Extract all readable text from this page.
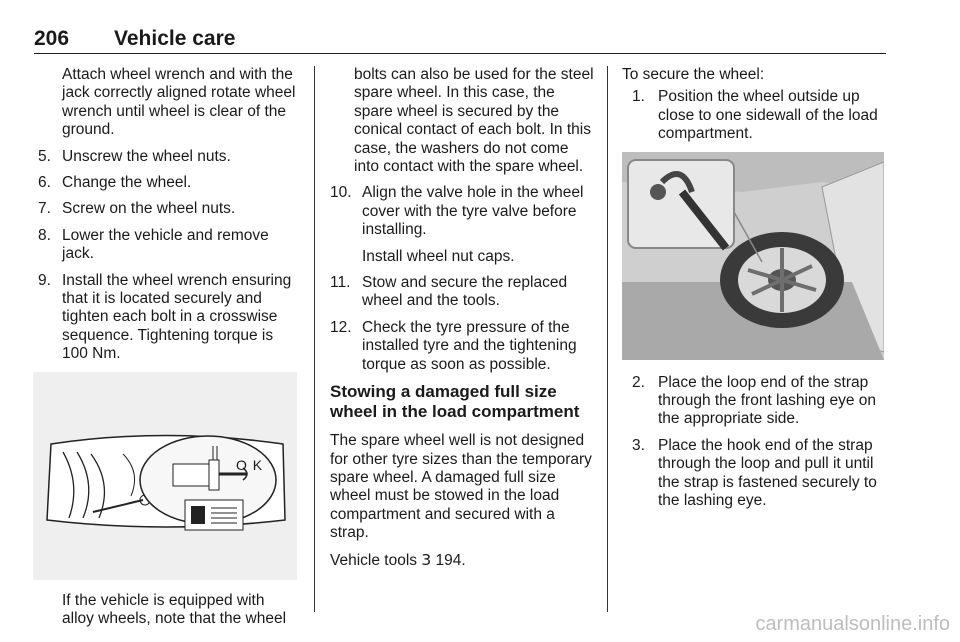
206 Vehicle care

Attach wheel wrench and with the jack correctly aligned rotate wheel wrench until wheel is clear of the ground.

5. Unscrew the wheel nuts.
6. Change the wheel.
7. Screw on the wheel nuts.
8. Lower the vehicle and remove jack.
9. Install the wheel wrench ensuring that it is located securely and tighten each bolt in a crosswise sequence. Tightening torque is 100 Nm.
O K

If the vehicle is equipped with alloy wheels, note that the wheel

bolts can also be used for the steel spare wheel. In this case, the spare wheel is secured by the conical contact of each bolt. In this case, the washers do not come into contact with the spare wheel.

10. Align the valve hole in the wheel cover with the tyre valve before installing.
Install wheel nut caps.
11. Stow and secure the replaced wheel and the tools.
12. Check the tyre pressure of the installed tyre and the tightening torque as soon as possible.
Stowing a damaged full size wheel in the load compartment

The spare wheel well is not designed for other tyre sizes than the temporary spare wheel. A damaged full size wheel must be stowed in the load compartment and secured with a strap.

Vehicle tools 3 194.

To secure the wheel:

1. Position the wheel outside up close to one sidewall of the load compartment.
2. Place the loop end of the strap through the front lashing eye on the appropriate side.
3. Place the hook end of the strap through the loop and pull it until the strap is fastened securely to the lashing eye.
carmanualsonline.info
